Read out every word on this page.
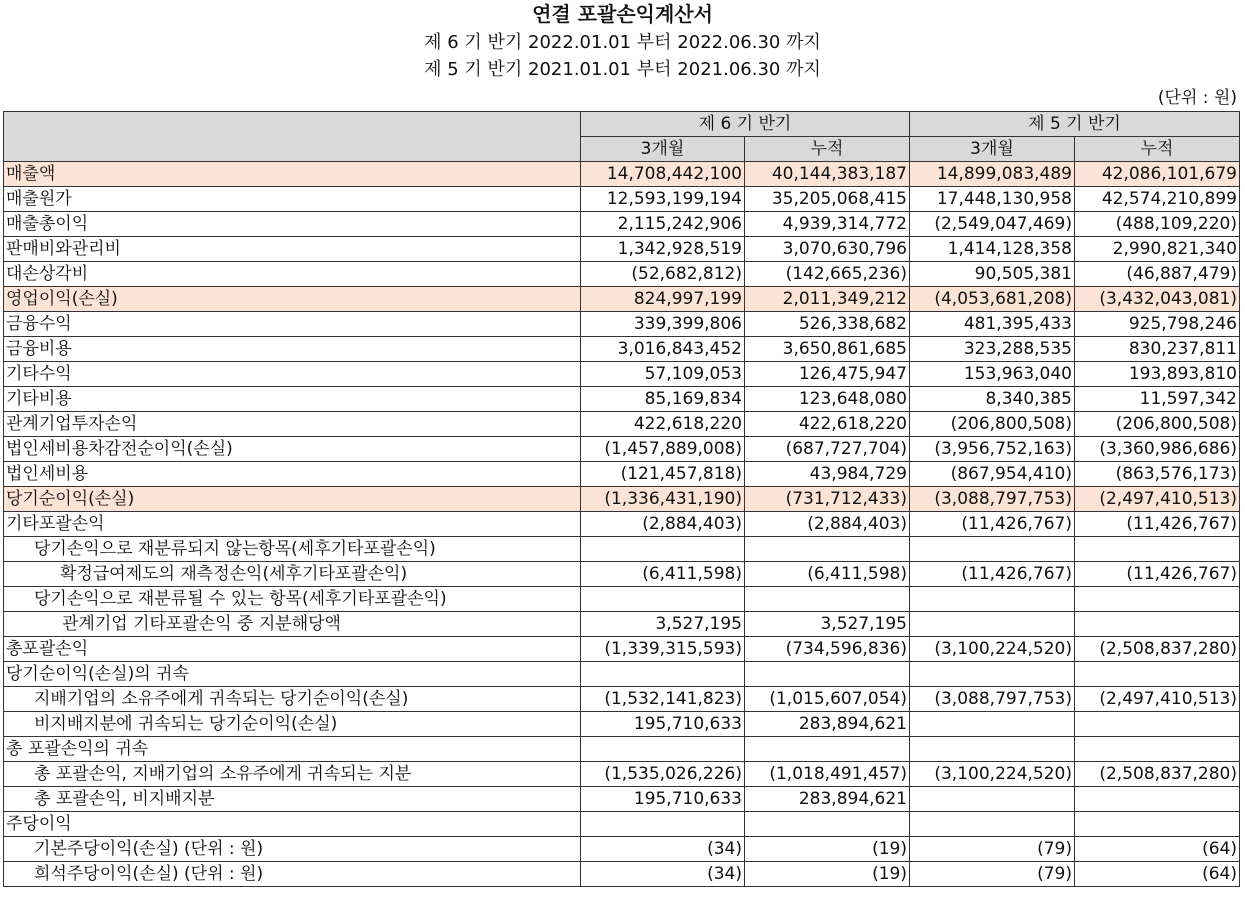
연결 포괄손익계산서
제 6 기 반기 2022.01.01 부터 2022.06.30 까지
제 5 기 반기 2021.01.01 부터 2021.06.30 까지
(단위 : 원)
	제 6 기 반기		제 5 기 반기	
	3개월	누적	3개월	누적
매출액	14,708,442,100	40,144,383,187	14,899,083,489	42,086,101,679
매출원가	12,593,199,194	35,205,068,415	17,448,130,958	42,574,210,899
매출총이익	2,115,242,906	4,939,314,772	(2,549,047,469)	(488,109,220)
판매비와관리비	1,342,928,519	3,070,630,796	1,414,128,358	2,990,821,340
대손상각비	(52,682,812)	(142,665,236)	90,505,381	(46,887,479)
영업이익(손실)	824,997,199	2,011,349,212	(4,053,681,208)	(3,432,043,081)
금융수익	339,399,806	526,338,682	481,395,433	925,798,246
금융비용	3,016,843,452	3,650,861,685	323,288,535	830,237,811
기타수익	57,109,053	126,475,947	153,963,040	193,893,810
기타비용	85,169,834	123,648,080	8,340,385	11,597,342
관계기업투자손익	422,618,220	422,618,220	(206,800,508)	(206,800,508)
법인세비용차감전순이익(손실)	(1,457,889,008)	(687,727,704)	(3,956,752,163)	(3,360,986,686)
법인세비용	(121,457,818)	43,984,729	(867,954,410)	(863,576,173)
당기순이익(손실)	(1,336,431,190)	(731,712,433)	(3,088,797,753)	(2,497,410,513)
기타포괄손익	(2,884,403)	(2,884,403)	(11,426,767)	(11,426,767)
당기손익으로 재분류되지 않는항목(세후기타포괄손익)				
확정급여제도의 재측정손익(세후기타포괄손익)	(6,411,598)	(6,411,598)	(11,426,767)	(11,426,767)
당기손익으로 재분류될 수 있는 항목(세후기타포괄손익)				
관계기업 기타포괄손익 중 지분해당액	3,527,195	3,527,195		
총포괄손익	(1,339,315,593)	(734,596,836)	(3,100,224,520)	(2,508,837,280)
당기순이익(손실)의 귀속				
지배기업의 소유주에게 귀속되는 당기순이익(손실)	(1,532,141,823)	(1,015,607,054)	(3,088,797,753)	(2,497,410,513)
비지배지분에 귀속되는 당기순이익(손실)	195,710,633	283,894,621		
총 포괄손익의 귀속				
총 포괄손익, 지배기업의 소유주에게 귀속되는 지분	(1,535,026,226)	(1,018,491,457)	(3,100,224,520)	(2,508,837,280)
총 포괄손익, 비지배지분	195,710,633	283,894,621		
주당이익				
기본주당이익(손실) (단위 : 원)	(34)	(19)	(79)	(64)
희석주당이익(손실) (단위 : 원)	(34)	(19)	(79)	(64)
